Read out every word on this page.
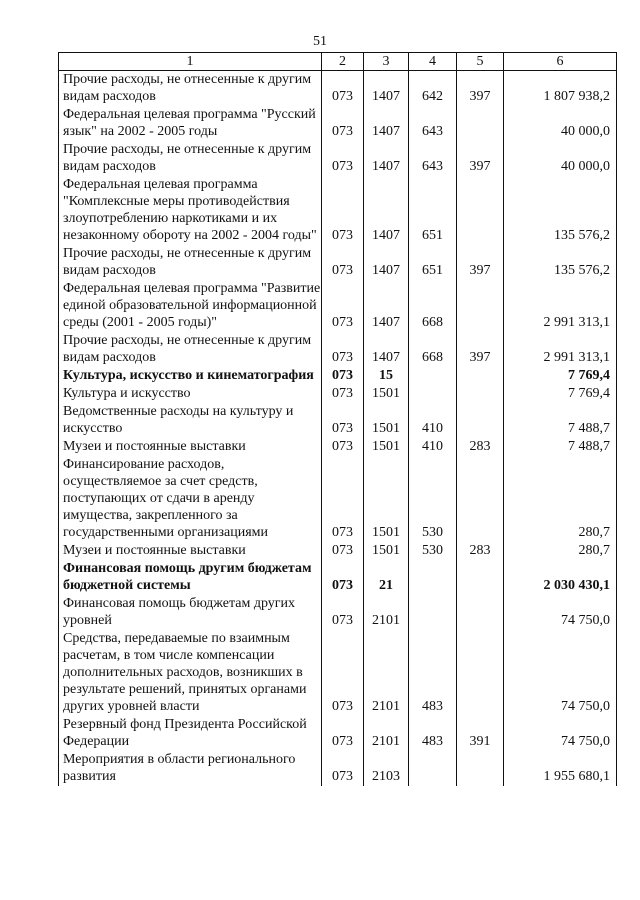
51
1	2	3	4	5	6
Прочие расходы, не отнесенные к другим видам расходов	073	1407	642	397	1 807 938,2
Федеральная целевая программа "Русский язык" на 2002 - 2005 годы	073	1407	643		40 000,0
Прочие расходы, не отнесенные к другим видам расходов	073	1407	643	397	40 000,0
Федеральная целевая программа "Комплексные меры противодействия злоупотреблению наркотиками и их незаконному обороту на 2002 - 2004 годы"	073	1407	651		135 576,2
Прочие расходы, не отнесенные к другим видам расходов	073	1407	651	397	135 576,2
Федеральная целевая программа "Развитие единой образовательной информационной среды (2001 - 2005 годы)"	073	1407	668		2 991 313,1
Прочие расходы, не отнесенные к другим видам расходов	073	1407	668	397	2 991 313,1
Культура, искусство и кинематография	073	15			7 769,4
Культура и искусство	073	1501			7 769,4
Ведомственные расходы на культуру и искусство	073	1501	410		7 488,7
Музеи и постоянные выставки	073	1501	410	283	7 488,7
Финансирование расходов, осуществляемое за счет средств, поступающих от сдачи в аренду имущества, закрепленного за государственными организациями	073	1501	530		280,7
Музеи и постоянные выставки	073	1501	530	283	280,7
Финансовая помощь другим бюджетам бюджетной системы	073	21			2 030 430,1
Финансовая помощь бюджетам других уровней	073	2101			74 750,0
Средства, передаваемые по взаимным расчетам, в том числе компенсации дополнительных расходов, возникших в результате решений, принятых органами других уровней власти	073	2101	483		74 750,0
Резервный фонд Президента Российской Федерации	073	2101	483	391	74 750,0
Мероприятия в области регионального развития	073	2103			1 955 680,1
